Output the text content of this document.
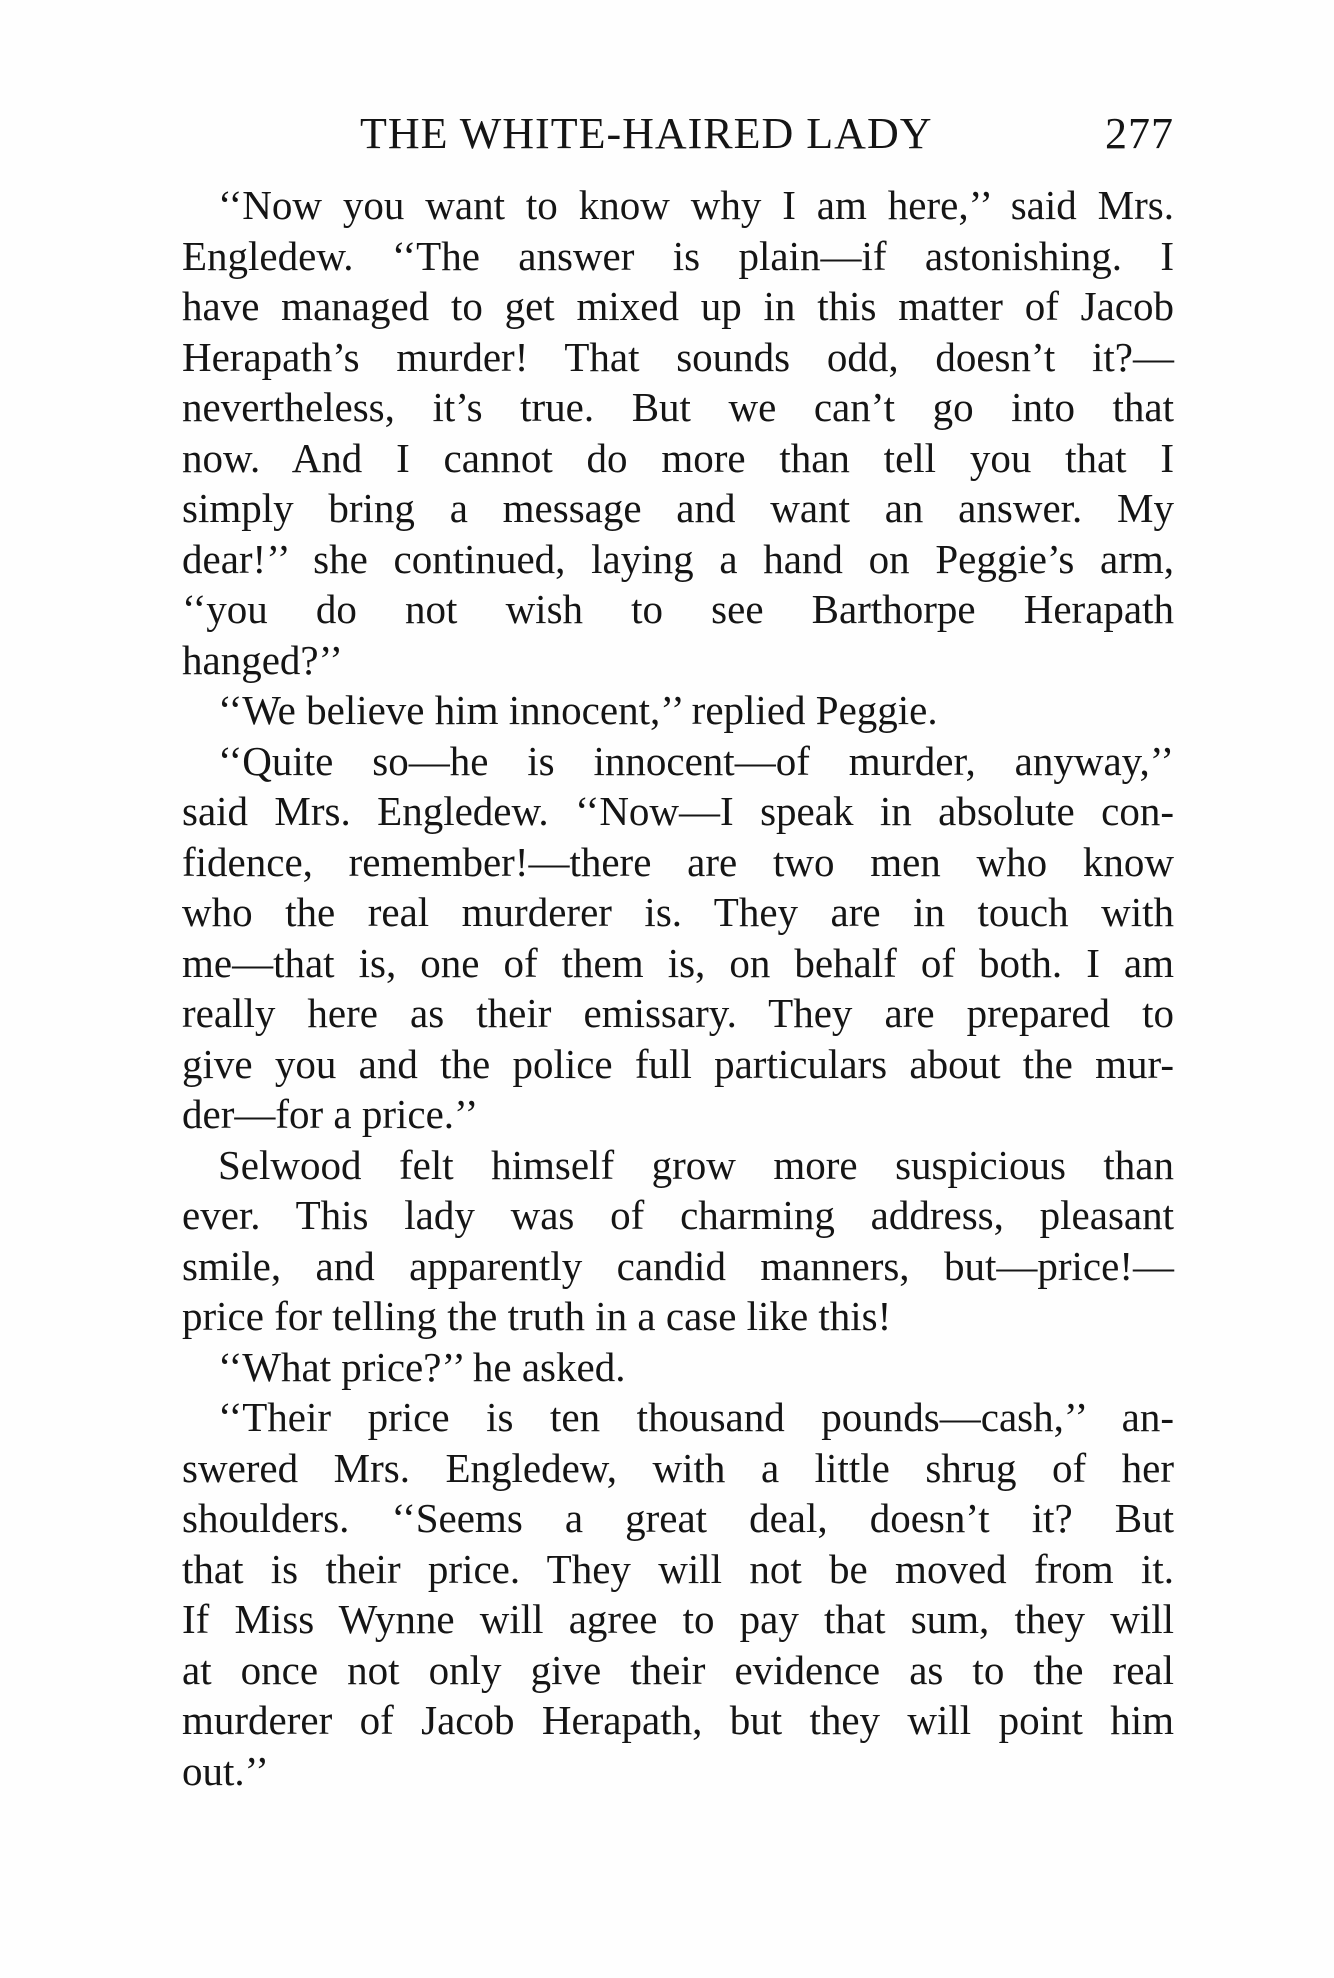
THE WHITE-HAIRED LADY	277
‘‘Now you want to know why I am here,’’ said Mrs.
Engledew. ‘‘The answer is plain—if astonishing. I
have managed to get mixed up in this matter of Jacob
Herapath’s murder! That sounds odd, doesn’t it?—
nevertheless, it’s true. But we can’t go into that
now. And I cannot do more than tell you that I
simply bring a message and want an answer. My
dear!’’ she continued, laying a hand on Peggie’s arm,
‘‘you do not wish to see Barthorpe Herapath
hanged?’’
‘‘We believe him innocent,’’ replied Peggie.
‘‘Quite so—he is innocent—of murder, anyway,’’
said Mrs. Engledew. ‘‘Now—I speak in absolute con-
fidence, remember!—there are two men who know
who the real murderer is. They are in touch with
me—that is, one of them is, on behalf of both. I am
really here as their emissary. They are prepared to
give you and the police full particulars about the mur-
der—for a price.’’
Selwood felt himself grow more suspicious than
ever. This lady was of charming address, pleasant
smile, and apparently candid manners, but—price!—
price for telling the truth in a case like this!
‘‘What price?’’ he asked.
‘‘Their price is ten thousand pounds—cash,’’ an-
swered Mrs. Engledew, with a little shrug of her
shoulders. ‘‘Seems a great deal, doesn’t it? But
that is their price. They will not be moved from it.
If Miss Wynne will agree to pay that sum, they will
at once not only give their evidence as to the real
murderer of Jacob Herapath, but they will point him
out.’’
